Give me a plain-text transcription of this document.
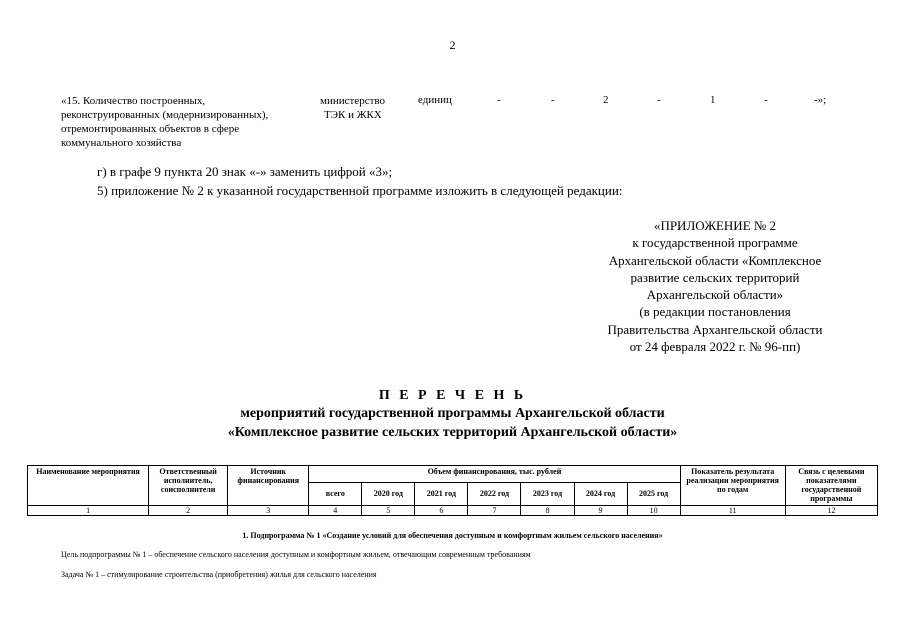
2
«15. Количество построенных,
реконструированных (модернизированных),
отремонтированных объектов в сфере
коммунального хозяйства
министерство
ТЭК и ЖКХ
единиц	-	-	2	-	1	-	-»;
г) в графе 9 пункта 20 знак «-» заменить цифрой «3»;
5) приложение № 2 к указанной государственной программе изложить в следующей редакции:
«ПРИЛОЖЕНИЕ № 2
к государственной программе
Архангельской области «Комплексное
развитие сельских территорий
Архангельской области»
(в редакции постановления
Правительства Архангельской области
от 24 февраля 2022 г. № 96-пп)
П Е Р Е Ч Е Н Ь
мероприятий государственной программы Архангельской области
«Комплексное развитие сельских территорий Архангельской области»
Наименование мероприятия	Ответственный исполнитель, соисполнители	Источник финансирования	Объем финансирования, тыс. рублей							Показатель результата реализации мероприятия по годам	Связь с целевыми показателями государственной программы
			всего	2020 год	2021 год	2022 год	2023 год	2024 год	2025 год		
1	2	3	4	5	6	7	8	9	10	11	12
1. Подпрограмма № 1 «Создание условий для обеспечения доступным и комфортным жильем сельского населения»
Цель подпрограммы № 1 – обеспечение сельского населения доступным и комфортным жильем, отвечающим современным требованиям
Задача № 1 – стимулирование строительства (приобретения) жилья для сельского населения
